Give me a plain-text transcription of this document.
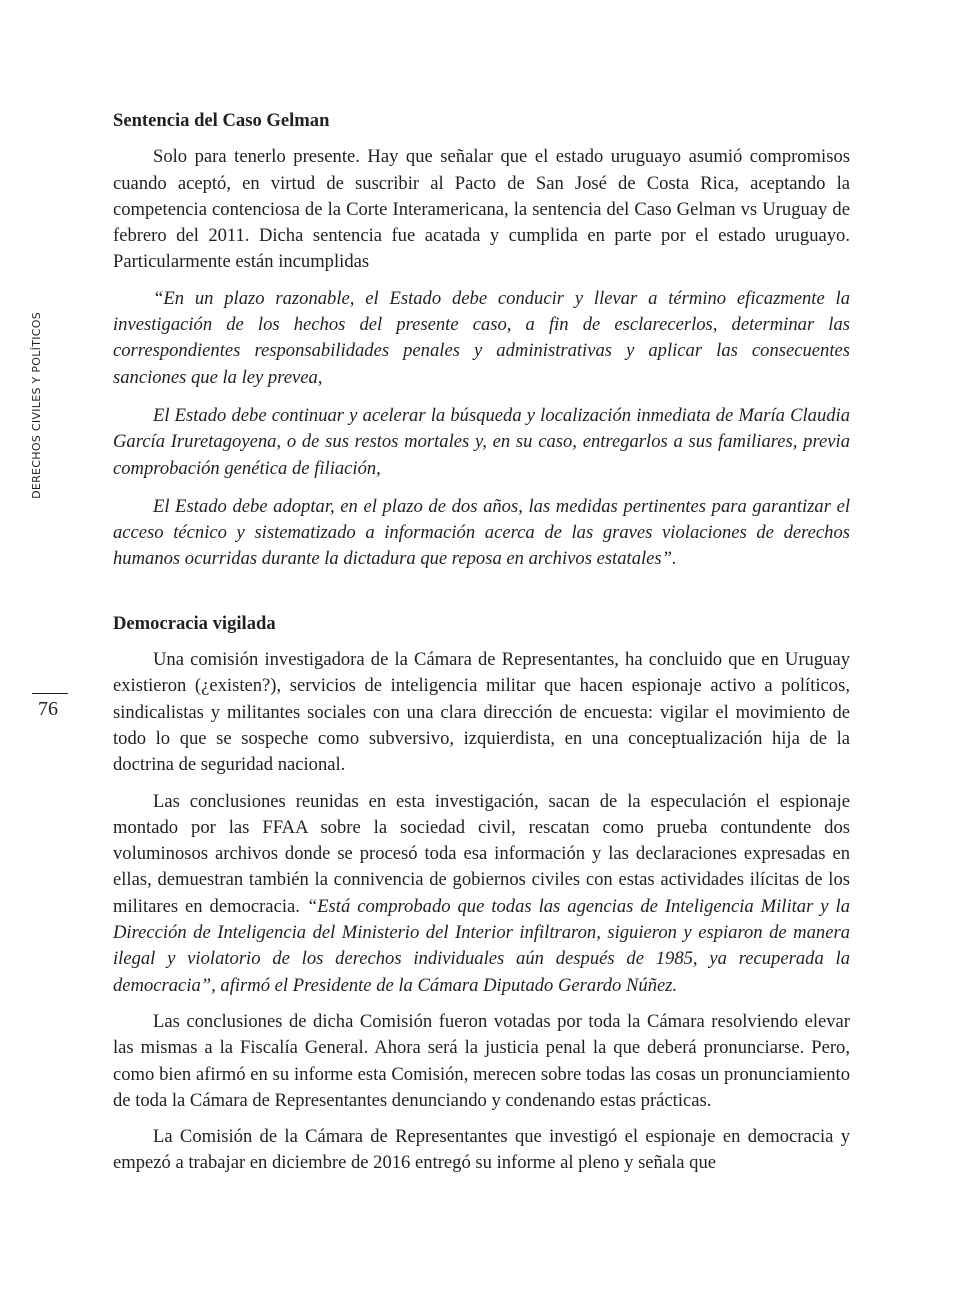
DERECHOS CIVILES Y POLÍTICOS
76
Sentencia del Caso Gelman

Solo para tenerlo presente. Hay que señalar que el estado uruguayo asumió compromisos cuando aceptó, en virtud de suscribir al Pacto de San José de Costa Rica, aceptando la competencia contenciosa de la Corte Interamericana, la sentencia del Caso Gelman vs Uruguay de febrero del 2011. Dicha sentencia fue acatada y cumplida en parte por el estado uruguayo. Particularmente están incumplidas

“En un plazo razonable, el Estado debe conducir y llevar a término eficazmente la investigación de los hechos del presente caso, a fin de esclarecerlos, determinar las correspondientes responsabilidades penales y administrativas y aplicar las consecuentes sanciones que la ley prevea,

El Estado debe continuar y acelerar la búsqueda y localización inmediata de María Claudia García Iruretagoyena, o de sus restos mortales y, en su caso, entregarlos a sus familiares, previa comprobación genética de filiación,

El Estado debe adoptar, en el plazo de dos años, las medidas pertinentes para garantizar el acceso técnico y sistematizado a información acerca de las graves violaciones de derechos humanos ocurridas durante la dictadura que reposa en archivos estatales”.

Democracia vigilada

Una comisión investigadora de la Cámara de Representantes, ha concluido que en Uruguay existieron (¿existen?), servicios de inteligencia militar que hacen espionaje activo a políticos, sindicalistas y militantes sociales con una clara dirección de encuesta: vigilar el movimiento de todo lo que se sospeche como subversivo, izquierdista, en una conceptualización hija de la doctrina de seguridad nacional.

Las conclusiones reunidas en esta investigación, sacan de la especulación el espionaje montado por las FFAA sobre la sociedad civil, rescatan como prueba contundente dos voluminosos archivos donde se procesó toda esa información y las declaraciones expresadas en ellas, demuestran también la connivencia de gobiernos civiles con estas actividades ilícitas de los militares en democracia. “Está comprobado que todas las agencias de Inteligencia Militar y la Dirección de Inteligencia del Ministerio del Interior infiltraron, siguieron y espiaron de manera ilegal y violatorio de los derechos individuales aún después de 1985, ya recuperada la democracia”, afirmó el Presidente de la Cámara Diputado Gerardo Núñez.

Las conclusiones de dicha Comisión fueron votadas por toda la Cámara resolviendo elevar las mismas a la Fiscalía General. Ahora será la justicia penal la que deberá pronunciarse. Pero, como bien afirmó en su informe esta Comisión, merecen sobre todas las cosas un pronunciamiento de toda la Cámara de Representantes denunciando y condenando estas prácticas.

La Comisión de la Cámara de Representantes que investigó el espionaje en democracia y empezó a trabajar en diciembre de 2016 entregó su informe al pleno y señala que
